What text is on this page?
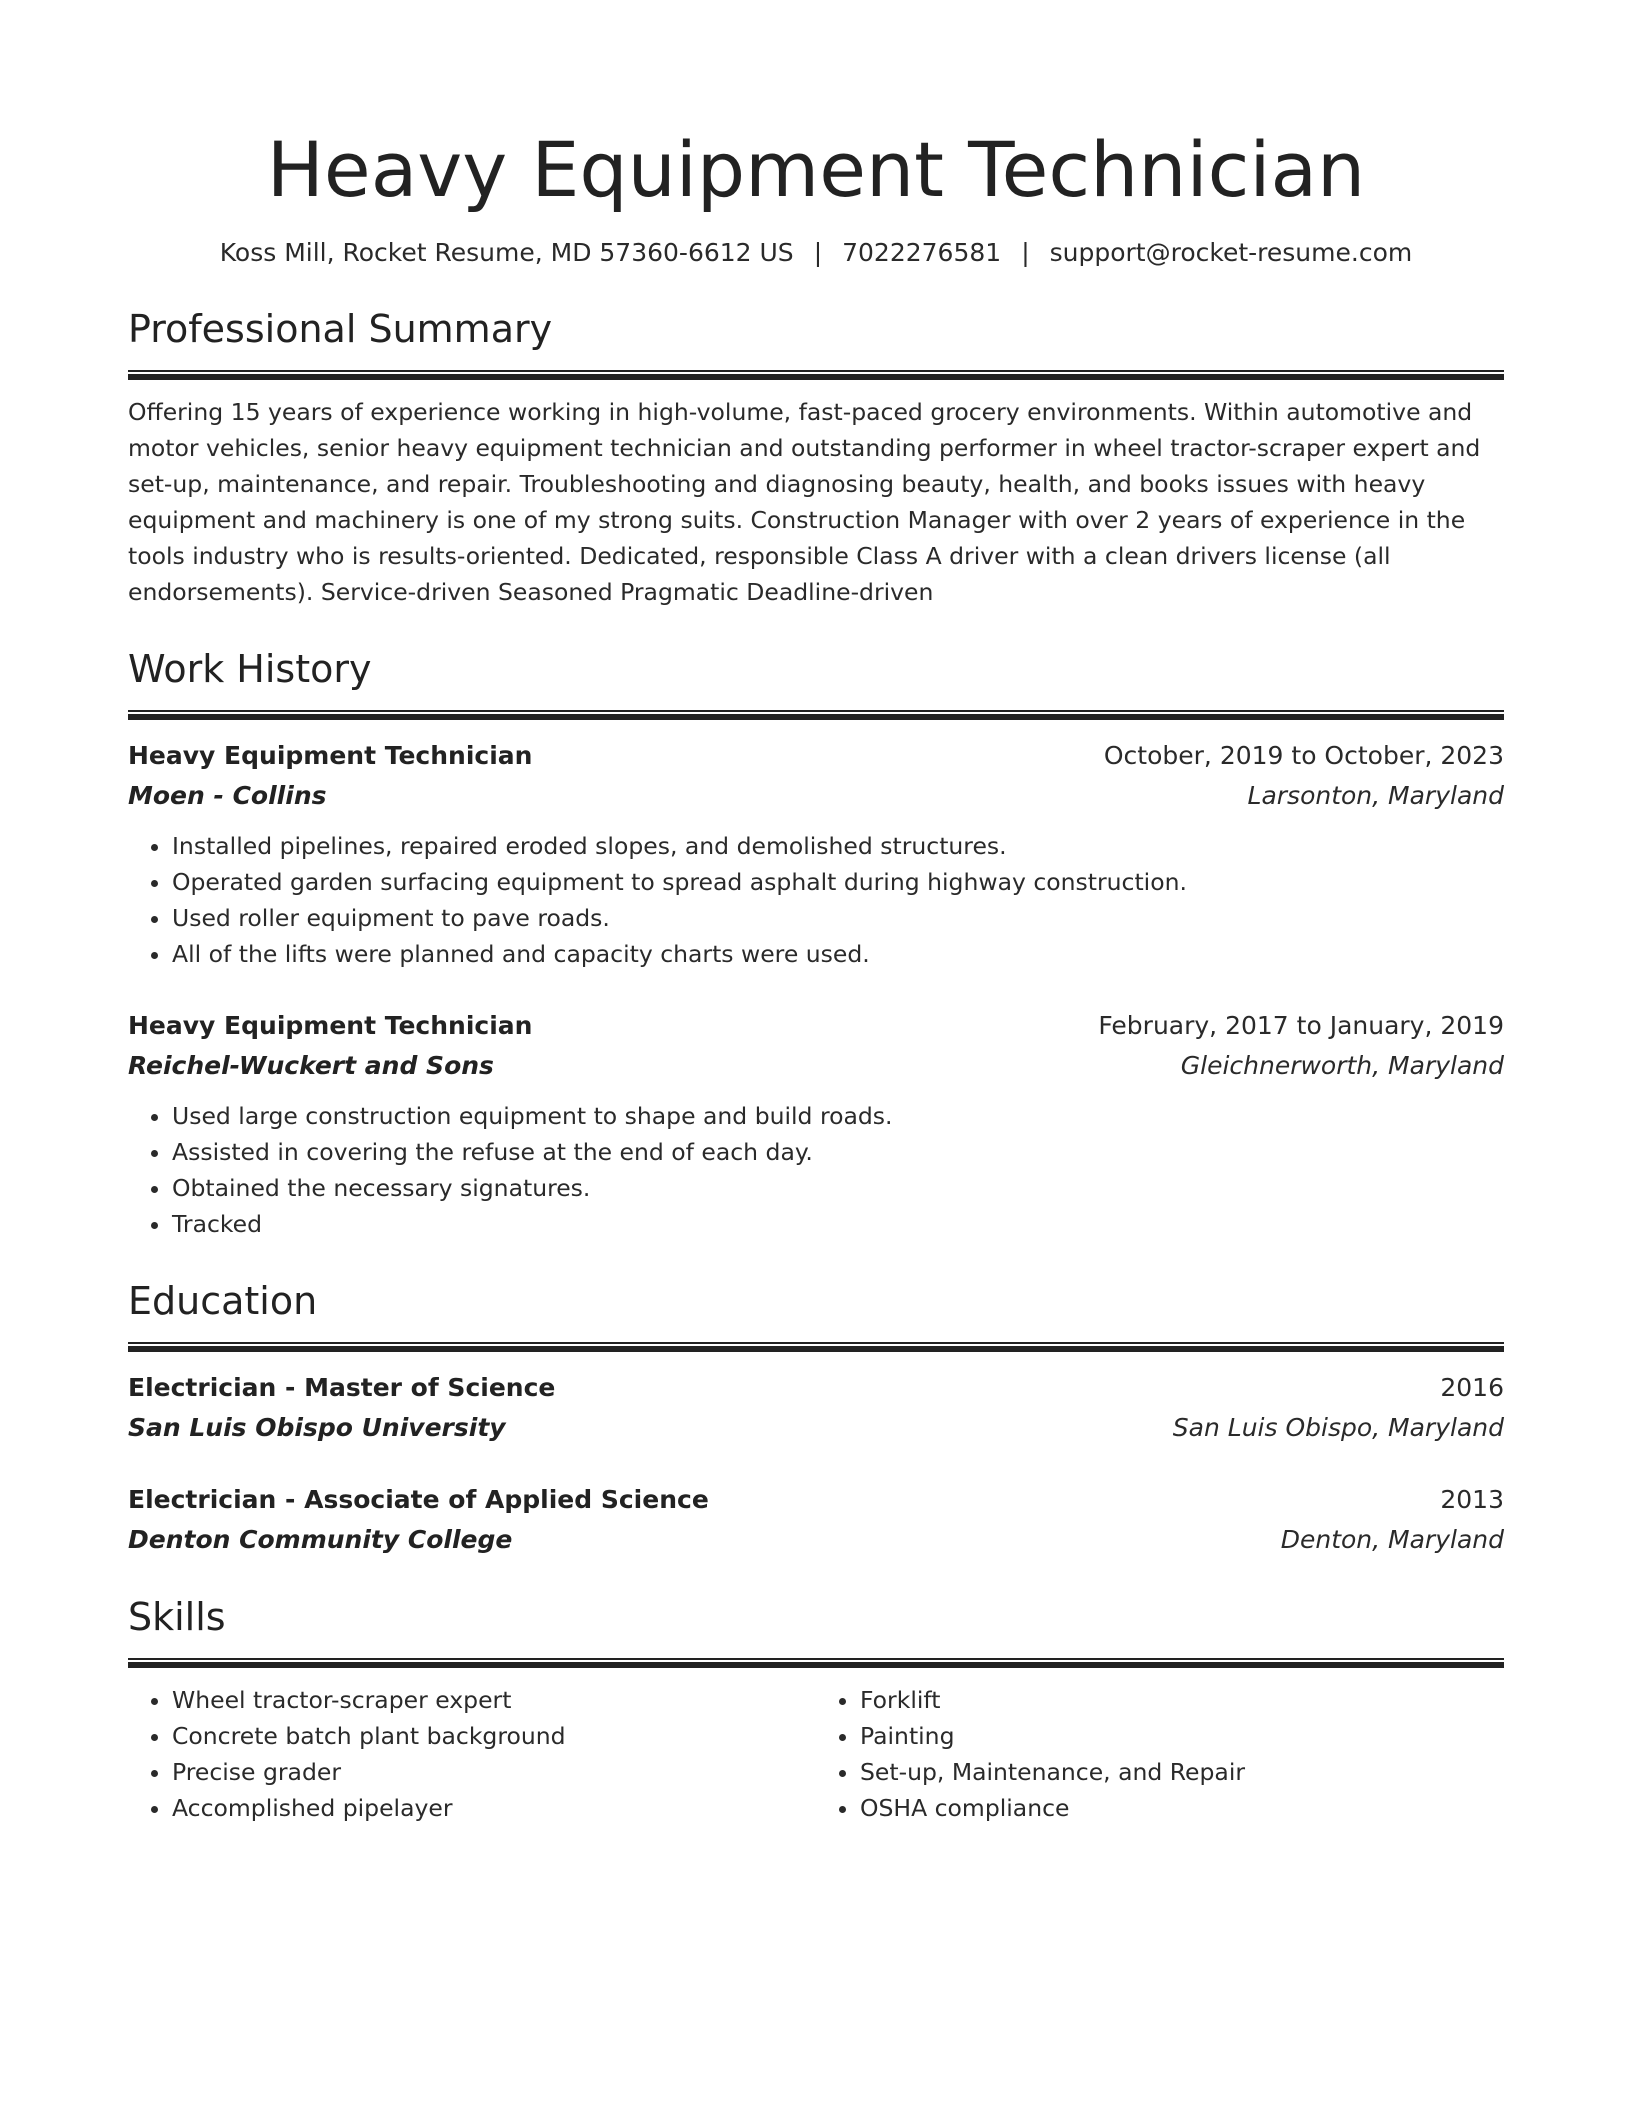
Heavy Equipment Technician
Koss Mill, Rocket Resume, MD 57360-6612 US | 7022276581 | support@rocket-resume.com
Professional Summary

Offering 15 years of experience working in high-volume, fast-paced grocery environments. Within automotive and motor vehicles, senior heavy equipment technician and outstanding performer in wheel tractor-scraper expert and set-up, maintenance, and repair. Troubleshooting and diagnosing beauty, health, and books issues with heavy equipment and machinery is one of my strong suits. Construction Manager with over 2 years of experience in the tools industry who is results-oriented. Dedicated, responsible Class A driver with a clean drivers license (all endorsements). Service-driven Seasoned Pragmatic Deadline-driven

Work History
Heavy Equipment Technician	October, 2019 to October, 2023
Moen - Collins	Larsonton, Maryland
• Installed pipelines, repaired eroded slopes, and demolished structures.
• Operated garden surfacing equipment to spread asphalt during highway construction.
• Used roller equipment to pave roads.
• All of the lifts were planned and capacity charts were used.
Heavy Equipment Technician	February, 2017 to January, 2019
Reichel-Wuckert and Sons	Gleichnerworth, Maryland
• Used large construction equipment to shape and build roads.
• Assisted in covering the refuse at the end of each day.
• Obtained the necessary signatures.
• Tracked
Education
Electrician - Master of Science	2016
San Luis Obispo University	San Luis Obispo, Maryland
Electrician - Associate of Applied Science	2013
Denton Community College	Denton, Maryland
Skills
• Wheel tractor-scraper expert
• Concrete batch plant background
• Precise grader
• Accomplished pipelayer
• Forklift
• Painting
• Set-up, Maintenance, and Repair
• OSHA compliance
